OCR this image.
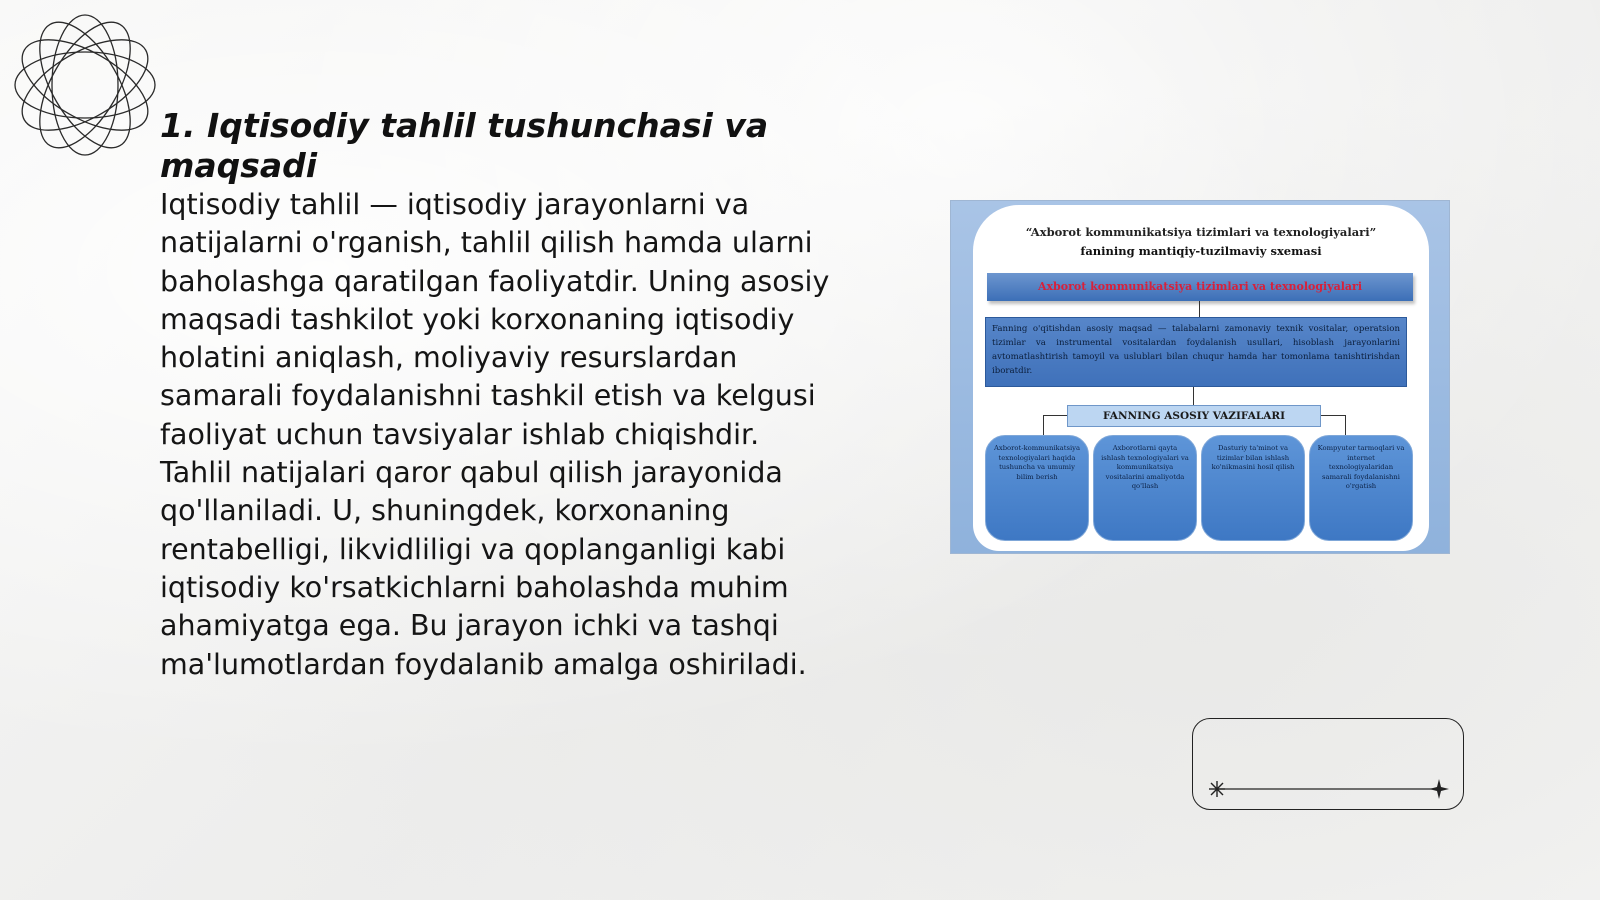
1. Iqtisodiy tahlil tushunchasi va maqsadi

Iqtisodiy tahlil — iqtisodiy jarayonlarni va natijalarni o'rganish, tahlil qilish hamda ularni baholashga qaratilgan faoliyatdir. Uning asosiy maqsadi tashkilot yoki korxonaning iqtisodiy holatini aniqlash, moliyaviy resurslardan samarali foydalanishni tashkil etish va kelgusi faoliyat uchun tavsiyalar ishlab chiqishdir. Tahlil natijalari qaror qabul qilish jarayonida qo'llaniladi. U, shuningdek, korxonaning rentabelligi, likvidliligi va qoplanganligi kabi iqtisodiy ko'rsatkichlarni baholashda muhim ahamiyatga ega. Bu jarayon ichki va tashqi ma'lumotlardan foydalanib amalga oshiriladi.

“Axborot kommunikatsiya tizimlari va texnologiyalari”
fanining mantiqiy-tuzilmaviy sxemasi
Axborot kommunikatsiya tizimlari va texnologiyalari
Fanning o'qitishdan asosiy maqsad — talabalarni zamonaviy texnik vositalar, operatsion tizimlar va instrumental vositalardan foydalanish usullari, hisoblash jarayonlarini avtomatlashtirish tamoyil va uslublari bilan chuqur hamda har tomonlama tanishtirishdan iboratdir.
FANNING ASOSIY VAZIFALARI
Axborot-kommunikatsiya texnologiyalari haqida tushuncha va umumiy bilim berish
Axborotlarni qayta ishlash texnologiyalari va kommunikatsiya vositalarini amaliyotda qo'llash
Dasturiy ta'minot va tizimlar bilan ishlash ko'nikmasini hosil qilish
Kompyuter tarmoqlari va internet texnologiyalaridan samarali foydalanishni o'rgatish
